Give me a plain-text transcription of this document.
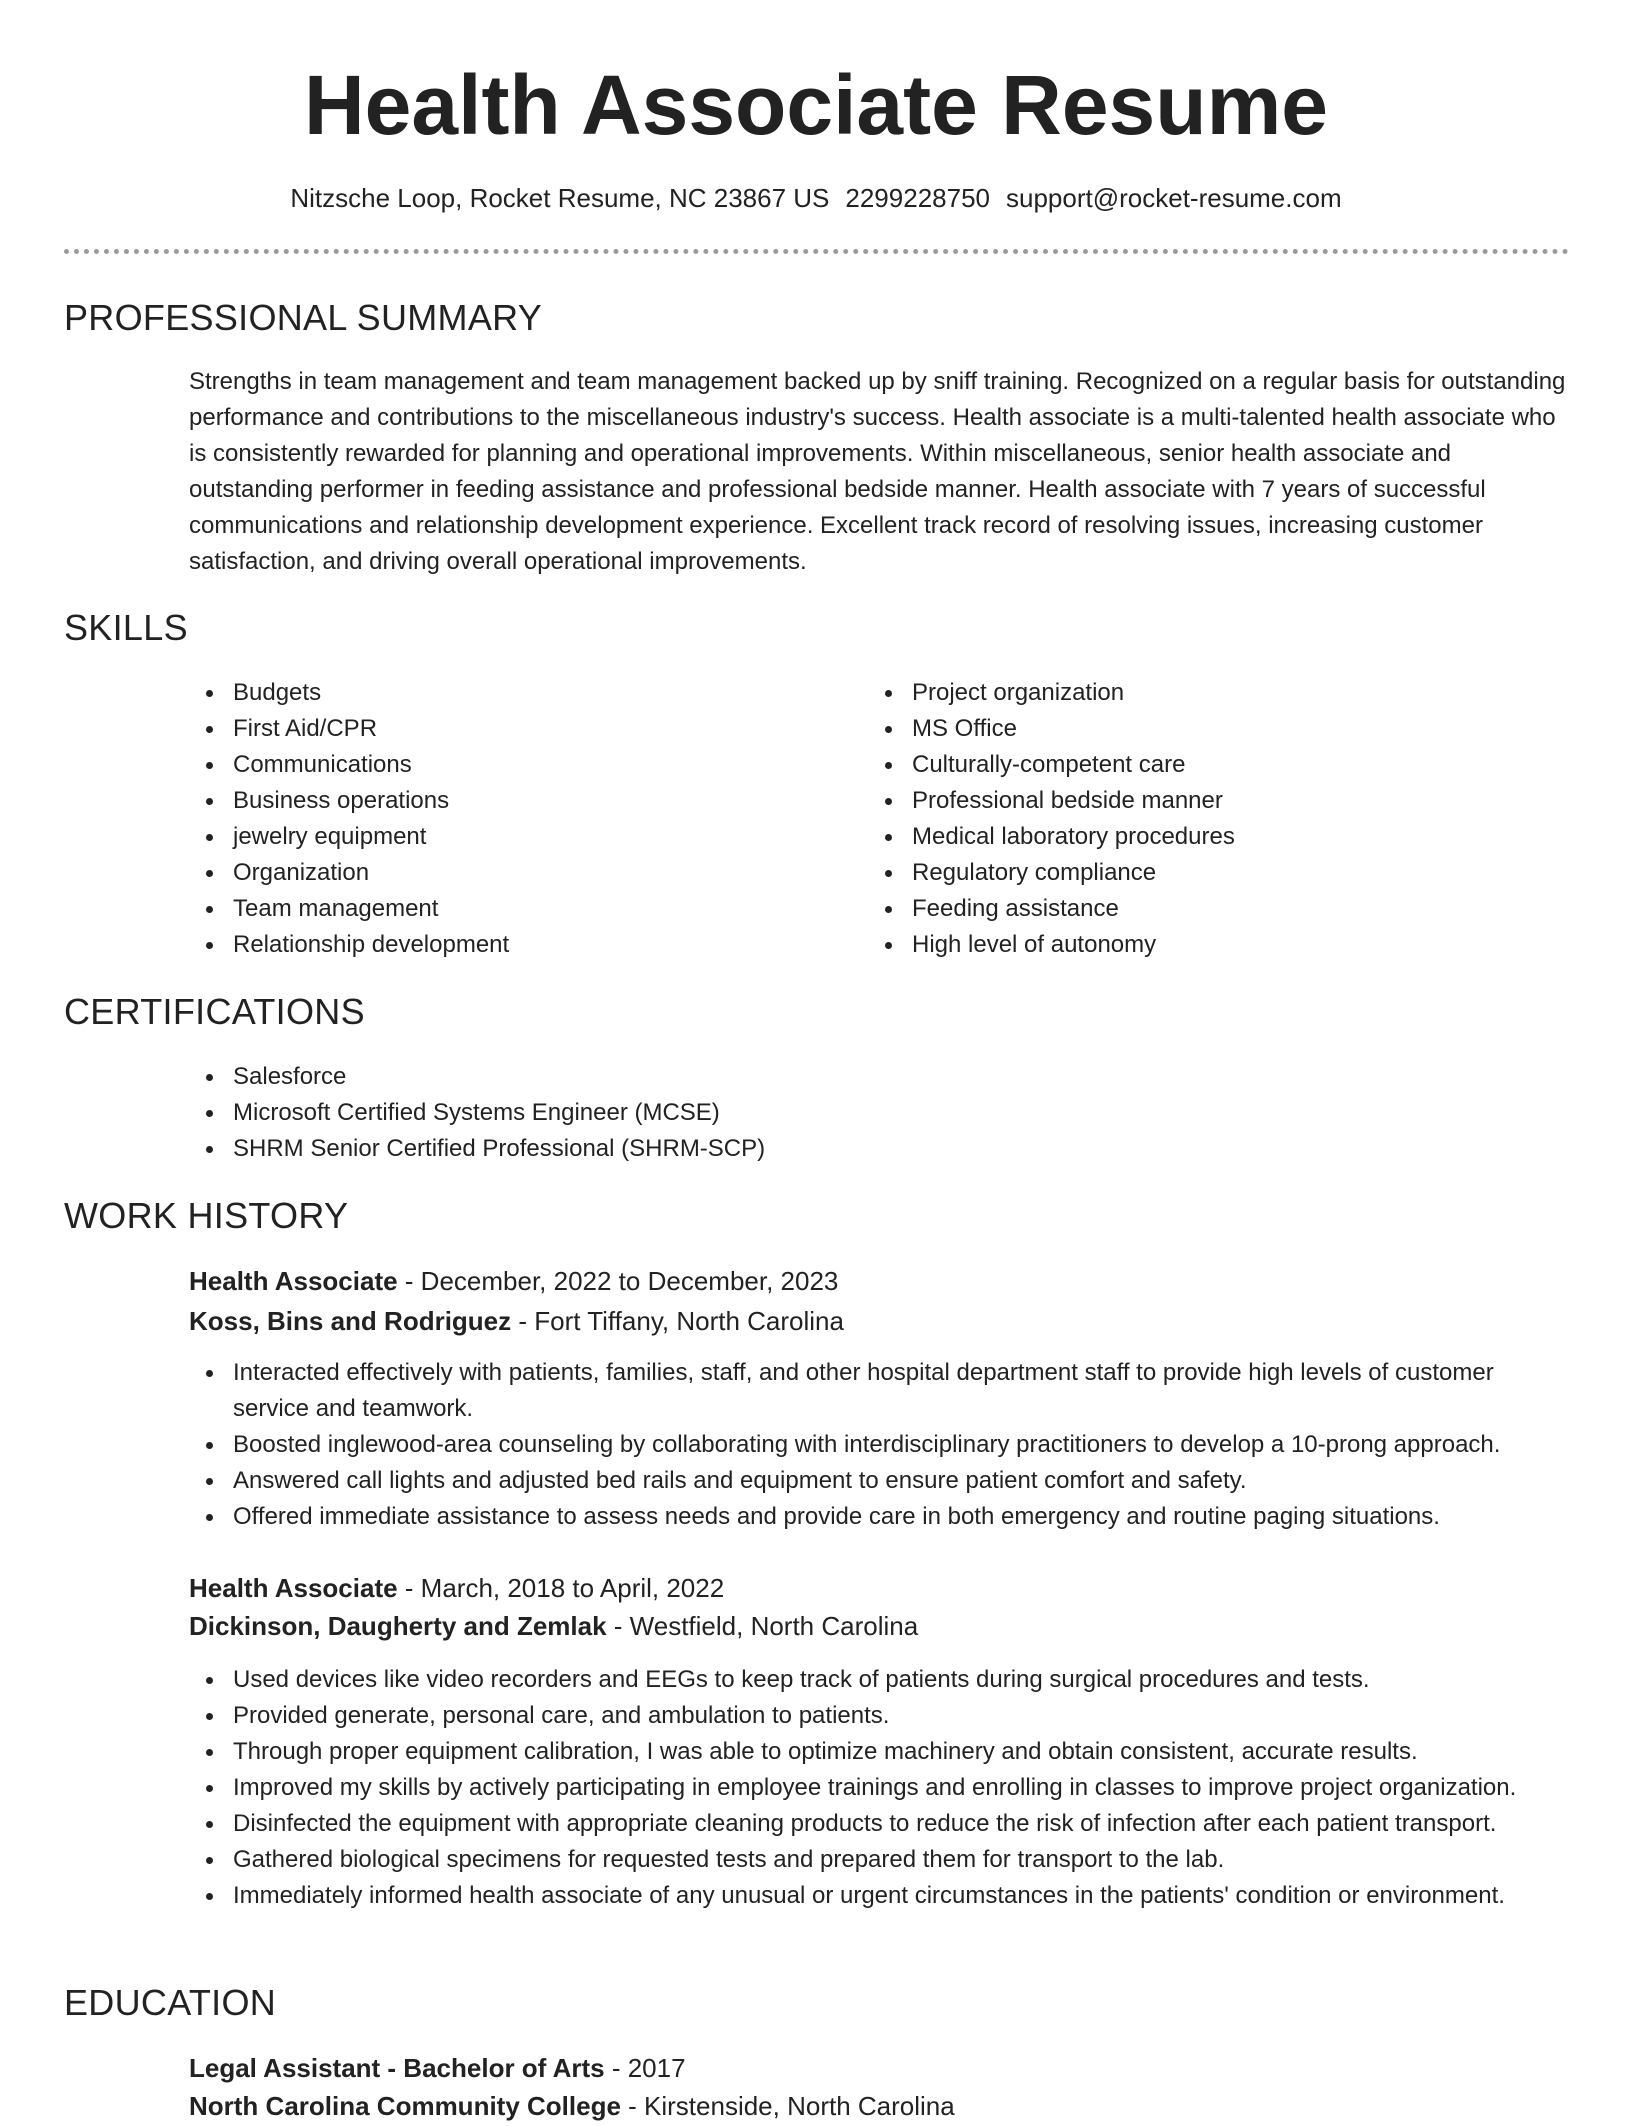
Health Associate Resume
Nitzsche Loop, Rocket Resume, NC 23867 US 2299228750 support@rocket-resume.com
PROFESSIONAL SUMMARY

Strengths in team management and team management backed up by sniff training. Recognized on a regular basis for outstanding performance and contributions to the miscellaneous industry's success. Health associate is a multi-talented health associate who is consistently rewarded for planning and operational improvements. Within miscellaneous, senior health associate and outstanding performer in feeding assistance and professional bedside manner. Health associate with 7 years of successful communications and relationship development experience. Excellent track record of resolving issues, increasing customer satisfaction, and driving overall operational improvements.

SKILLS
Budgets
First Aid/CPR
Communications
Business operations
jewelry equipment
Organization
Team management
Relationship development
Project organization
MS Office
Culturally-competent care
Professional bedside manner
Medical laboratory procedures
Regulatory compliance
Feeding assistance
High level of autonomy
CERTIFICATIONS
Salesforce
Microsoft Certified Systems Engineer (MCSE)
SHRM Senior Certified Professional (SHRM-SCP)
WORK HISTORY
Health Associate - December, 2022 to December, 2023
Koss, Bins and Rodriguez - Fort Tiffany, North Carolina
Interacted effectively with patients, families, staff, and other hospital department staff to provide high levels of customer service and teamwork.
Boosted inglewood-area counseling by collaborating with interdisciplinary practitioners to develop a 10-prong approach.
Answered call lights and adjusted bed rails and equipment to ensure patient comfort and safety.
Offered immediate assistance to assess needs and provide care in both emergency and routine paging situations.
Health Associate - March, 2018 to April, 2022
Dickinson, Daugherty and Zemlak - Westfield, North Carolina
Used devices like video recorders and EEGs to keep track of patients during surgical procedures and tests.
Provided generate, personal care, and ambulation to patients.
Through proper equipment calibration, I was able to optimize machinery and obtain consistent, accurate results.
Improved my skills by actively participating in employee trainings and enrolling in classes to improve project organization.
Disinfected the equipment with appropriate cleaning products to reduce the risk of infection after each patient transport.
Gathered biological specimens for requested tests and prepared them for transport to the lab.
Immediately informed health associate of any unusual or urgent circumstances in the patients' condition or environment.
EDUCATION
Legal Assistant - Bachelor of Arts - 2017
North Carolina Community College - Kirstenside, North Carolina
